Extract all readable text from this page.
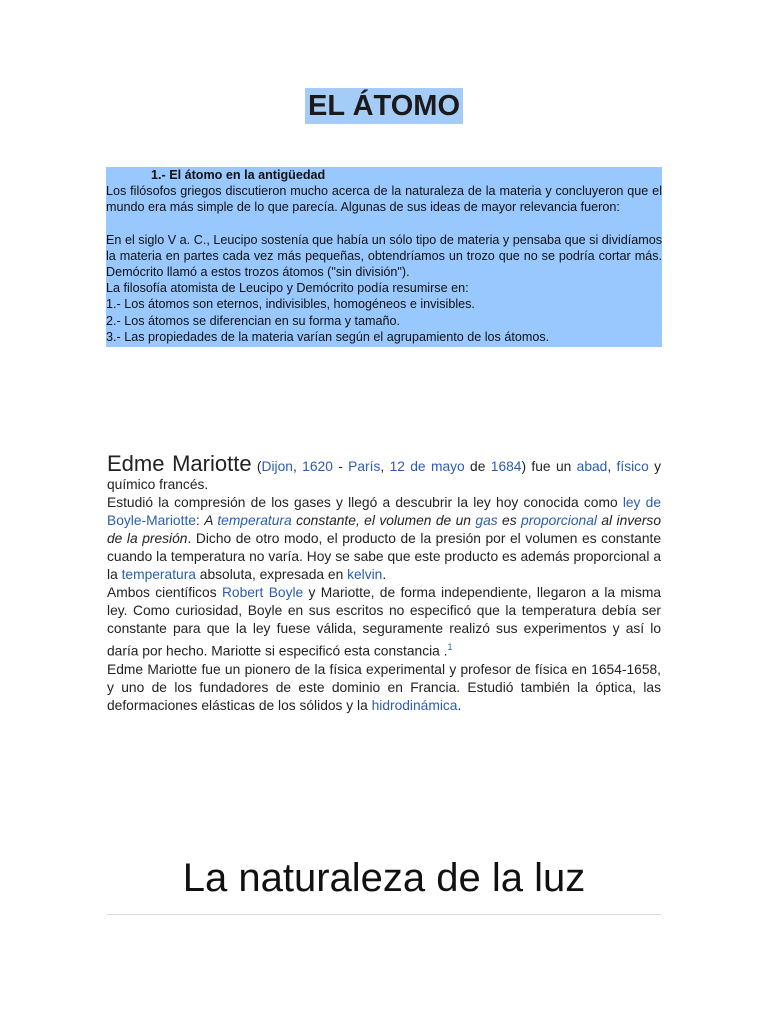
EL ÁTOMO
1.- El átomo en la antigüedad

Los filósofos griegos discutieron mucho acerca de la naturaleza de la materia y concluyeron que el mundo era más simple de lo que parecía. Algunas de sus ideas de mayor relevancia fueron:

En el siglo V a. C., Leucipo sostenía que había un sólo tipo de materia y pensaba que si dividíamos la materia en partes cada vez más pequeñas, obtendríamos un trozo que no se podría cortar más. Demócrito llamó a estos trozos átomos ("sin división").

La filosofía atomista de Leucipo y Demócrito podía resumirse en:

1.- Los átomos son eternos, indivisibles, homogéneos e invisibles.

2.- Los átomos se diferencian en su forma y tamaño.

3.- Las propiedades de la materia varían según el agrupamiento de los átomos.

Edme Mariotte (Dijon, 1620 - París, 12 de mayo de 1684) fue un abad, físico y químico francés.

Estudió la compresión de los gases y llegó a descubrir la ley hoy conocida como ley de Boyle-Mariotte: A temperatura constante, el volumen de un gas es proporcional al inverso de la presión. Dicho de otro modo, el producto de la presión por el volumen es constante cuando la temperatura no varía. Hoy se sabe que este producto es además proporcional a la temperatura absoluta, expresada en kelvin.

Ambos científicos Robert Boyle y Mariotte, de forma independiente, llegaron a la misma ley. Como curiosidad, Boyle en sus escritos no especificó que la temperatura debía ser constante para que la ley fuese válida, seguramente realizó sus experimentos y así lo daría por hecho. Mariotte si especificó esta constancia .$^1$

Edme Mariotte fue un pionero de la física experimental y profesor de física en 1654-1658, y uno de los fundadores de este dominio en Francia. Estudió también la óptica, las deformaciones elásticas de los sólidos y la hidrodinámica.

La naturaleza de la luz
